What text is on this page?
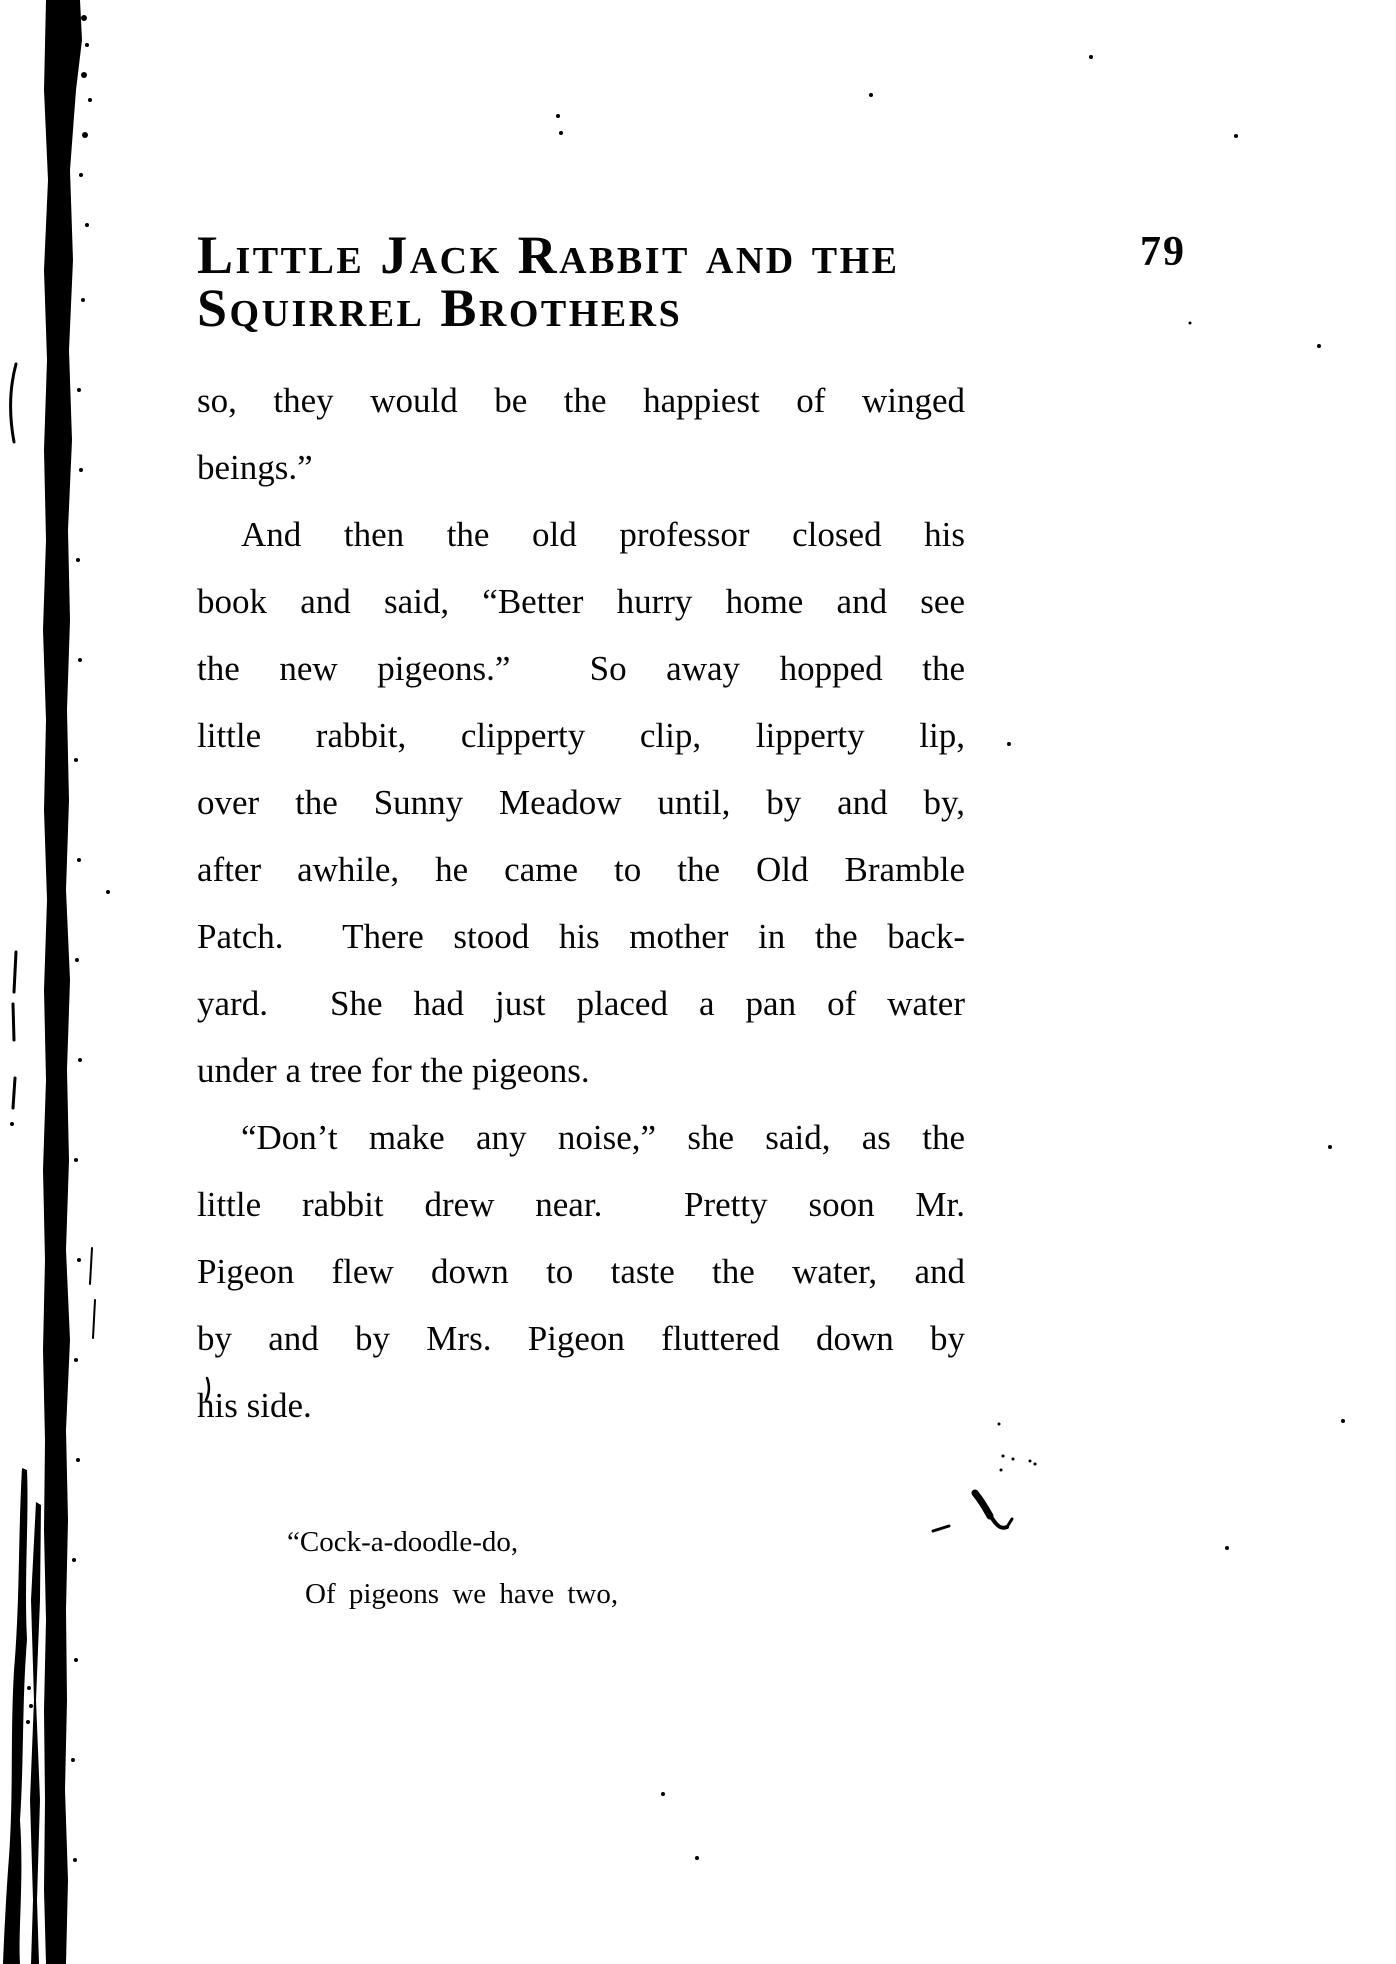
Little Jack Rabbit and the
Squirrel Brothers
79
so, they would be the happiest of winged
beings.”
And then the old professor closed his
book and said, “Better hurry home and see
the new pigeons.”  So away hopped the
little rabbit, clipperty clip, lipperty lip,
over the Sunny Meadow until, by and by,
after awhile, he came to the Old Bramble
Patch.  There stood his mother in the back-
yard.  She had just placed a pan of water
under a tree for the pigeons.
“Don’t make any noise,” she said, as the
little rabbit drew near.  Pretty soon Mr.
Pigeon flew down to taste the water, and
by and by Mrs. Pigeon fluttered down by
his side.
“Cock-a-doodle-do,
Of pigeons we have two,
